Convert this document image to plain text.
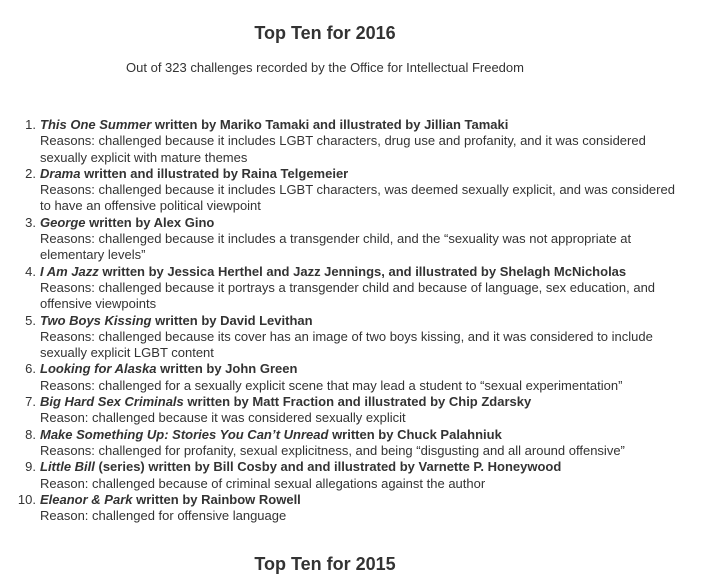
Top Ten for 2016

Out of 323 challenges recorded by the Office for Intellectual Freedom

1. This One Summer written by Mariko Tamaki and illustrated by Jillian Tamaki
Reasons: challenged because it includes LGBT characters, drug use and profanity, and it was considered sexually explicit with mature themes
2. Drama written and illustrated by Raina Telgemeier
Reasons: challenged because it includes LGBT characters, was deemed sexually explicit, and was considered to have an offensive political viewpoint
3. George written by Alex Gino
Reasons: challenged because it includes a transgender child, and the “sexuality was not appropriate at elementary levels”
4. I Am Jazz written by Jessica Herthel and Jazz Jennings, and illustrated by Shelagh McNicholas
Reasons: challenged because it portrays a transgender child and because of language, sex education, and offensive viewpoints
5. Two Boys Kissing written by David Levithan
Reasons: challenged because its cover has an image of two boys kissing, and it was considered to include sexually explicit LGBT content
6. Looking for Alaska written by John Green
Reasons: challenged for a sexually explicit scene that may lead a student to “sexual experimentation”
7. Big Hard Sex Criminals written by Matt Fraction and illustrated by Chip Zdarsky
Reason: challenged because it was considered sexually explicit
8. Make Something Up: Stories You Can’t Unread written by Chuck Palahniuk
Reasons: challenged for profanity, sexual explicitness, and being “disgusting and all around offensive”
9. Little Bill (series) written by Bill Cosby and and illustrated by Varnette P. Honeywood
Reason: challenged because of criminal sexual allegations against the author
10. Eleanor & Park written by Rainbow Rowell
Reason: challenged for offensive language
Top Ten for 2015
